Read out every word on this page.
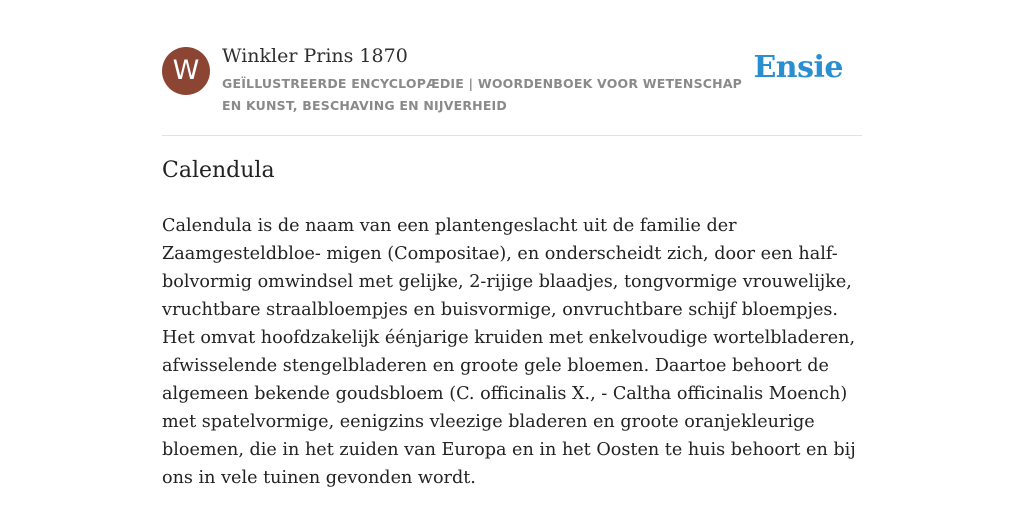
W	Winkler Prins 1870
GEÏLLUSTREERDE ENCYCLOPÆDIE | WOORDENBOEK VOOR WETENSCHAP EN KUNST, BESCHAVING EN NIJVERHEID
Ensie
Calendula

Calendula is de naam van een plantengeslacht uit de familie der Zaamgesteldbloe- migen (Compositae), en onderscheidt zich, door een half-bolvormig omwindsel met gelijke, 2-rijige blaadjes, tongvormige vrouwelijke, vruchtbare straalbloempjes en buisvormige, onvruchtbare schijf bloempjes. Het omvat hoofdzakelijk éénjarige kruiden met enkelvoudige wortelbladeren, afwisselende stengelbladeren en groote gele bloemen. Daartoe behoort de algemeen bekende goudsbloem (C. officinalis X., - Caltha officinalis Moench) met spatelvormige, eenigzins vleezige bladeren en groote oranjekleurige bloemen, die in het zuiden van Europa en in het Oosten te huis behoort en bij ons in vele tuinen gevonden wordt.
